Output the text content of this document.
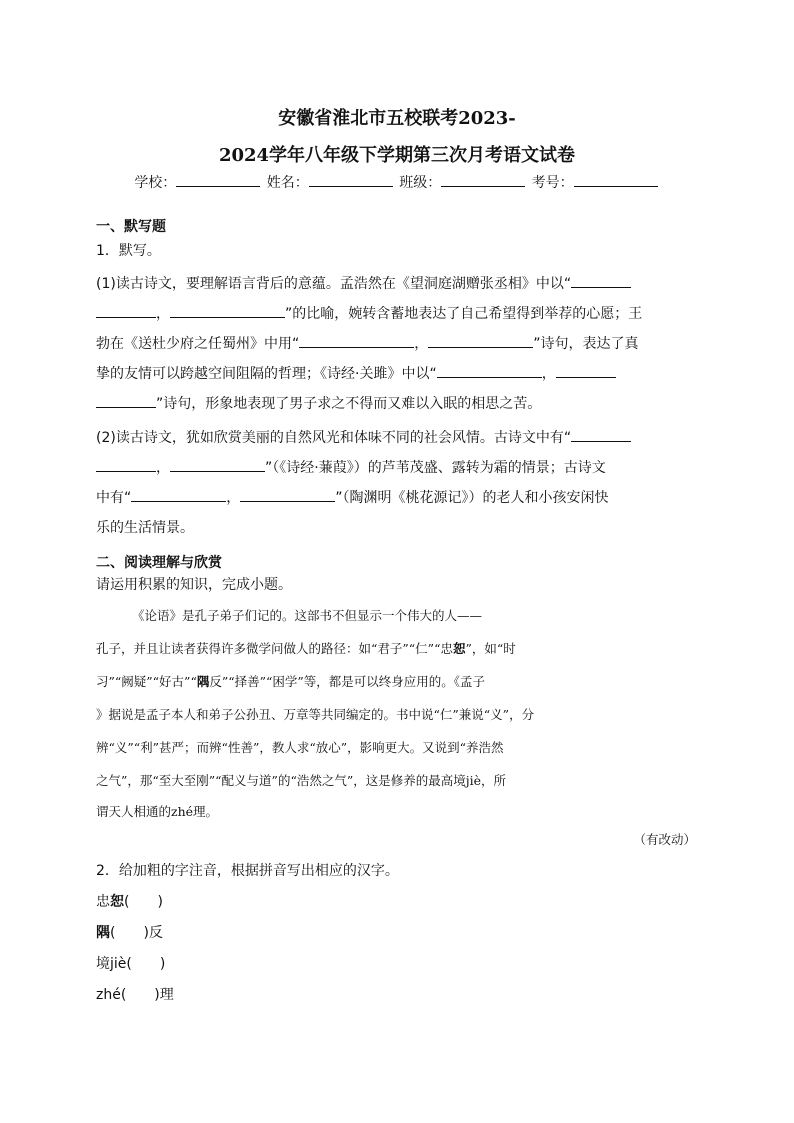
安徽省淮北市五校联考2023-
2024学年八年级下学期第三次月考语文试卷
学校：	姓名：	班级：	考号：
一、默写题
1．默写。
(1)读古诗文，要理解语言背后的意蕴。孟浩然在《望洞庭湖赠张丞相》中以“
，	”的比喻，婉转含蓄地表达了自己希望得到举荐的心愿；王
勃在《送杜少府之任蜀州》中用“	，	”诗句，表达了真
挚的友情可以跨越空间阻隔的哲理；《诗经·关雎》中以“	，
”诗句，形象地表现了男子求之不得而又难以入眠的相思之苦。
(2)读古诗文，犹如欣赏美丽的自然风光和体味不同的社会风情。古诗文中有“
，	”（《诗经·蒹葭》）的芦苇茂盛、露转为霜的情景；古诗文
中有“	，	”（陶渊明《桃花源记》）的老人和小孩安闲快
乐的生活情景。
二、阅读理解与欣赏
请运用积累的知识，完成小题。
《论语》是孔子弟子们记的。这部书不但显示一个伟大的人——
孔子，并且让读者获得许多微学问做人的路径：如“君子”“仁”“忠恕”，如“时
习”“阙疑”“好古”“隅反”“择善”“困学”等，都是可以终身应用的。《孟子
》据说是孟子本人和弟子公孙丑、万章等共同编定的。书中说“仁”兼说“义”，分
辨“义”“利”甚严；而辨“性善”，教人求“放心”，影响更大。又说到“养浩然
之气”，那“至大至刚”“配义与道”的“浩然之气”，这是修养的最高境jiè，所
谓天人相通的zhé理。
（有改动）
2．给加粗的字注音，根据拼音写出相应的汉字。
忠恕(　　)
隅(　　)反
境jiè(　　)
zhé(　　)理
